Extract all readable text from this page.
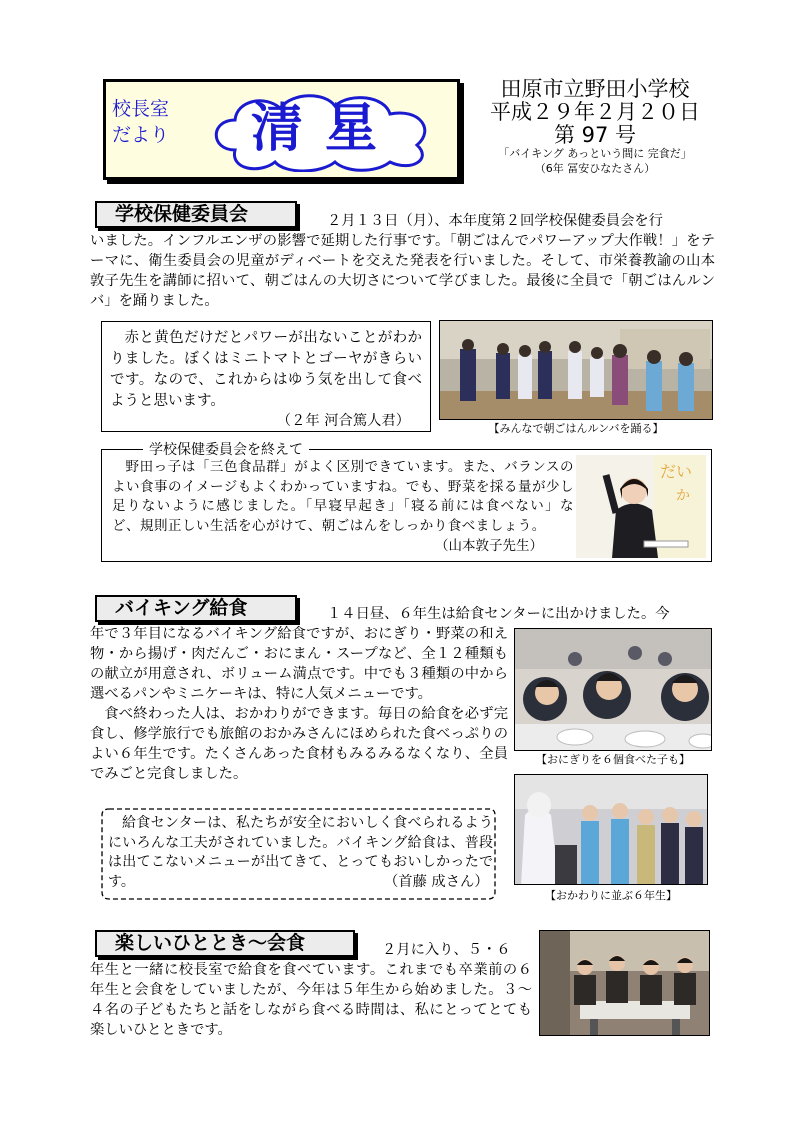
校長室
だより	清星
田原市立野田小学校
平成２９年２月２０日
第 97 号
「バイキング あっという間に 完食だ」
（6年 冨安ひなたさん）
学校保健委員会	２月１３日（月）、本年度第２回学校保健委員会を行
いました。インフルエンザの影響で延期した行事です。「朝ごはんでパワーアップ大作戦！」をテーマに、衛生委員会の児童がディベートを交えた発表を行いました。そして、市栄養教諭の山本敦子先生を講師に招いて、朝ごはんの大切さについて学びました。最後に全員で「朝ごはんルンバ」を踊りました。
赤と黄色だけだとパワーが出ないことがわかりました。ぼくはミニトマトとゴーヤがきらいです。なので、これからはゆう気を出して食べようと思います。
（２年 河合篤人君）	【みんなで朝ごはんルンバを踊る】
学校保健委員会を終えて
野田っ子は「三色食品群」がよく区別できています。また、バランスのよい食事のイメージもよくわかっていますね。でも、野菜を採る量が少し足りないように感じました。「早寝早起き」「寝る前には食べない」など、規則正しい生活を心がけて、朝ごはんをしっかり食べましょう。
（山本敦子先生）
だい
か
バイキング給食	１４日昼、６年生は給食センターに出かけました。今

年で３年目になるバイキング給食ですが、おにぎり・野菜の和え物・から揚げ・肉だんご・おにまん・スープなど、全１２種類もの献立が用意され、ボリューム満点です。中でも３種類の中から選べるパンやミニケーキは、特に人気メニューです。

食べ終わった人は、おかわりができます。毎日の給食を必ず完食し、修学旅行でも旅館のおかみさんにほめられた食べっぷりのよい６年生です。たくさんあった食材もみるみるなくなり、全員でみごと完食しました。

【おにぎりを６個食べた子も】
【おかわりに並ぶ６年生】
給食センターは、私たちが安全においしく食べられるようにいろんな工夫がされていました。バイキング給食は、普段は出てこないメニューが出てきて、とってもおいしかったです。	（首藤 成さん）
楽しいひととき～会食	２月に入り、５・６
年生と一緒に校長室で給食を食べています。これまでも卒業前の６年生と会食をしていましたが、今年は５年生から始めました。３～４名の子どもたちと話をしながら食べる時間は、私にとってとても楽しいひとときです。
